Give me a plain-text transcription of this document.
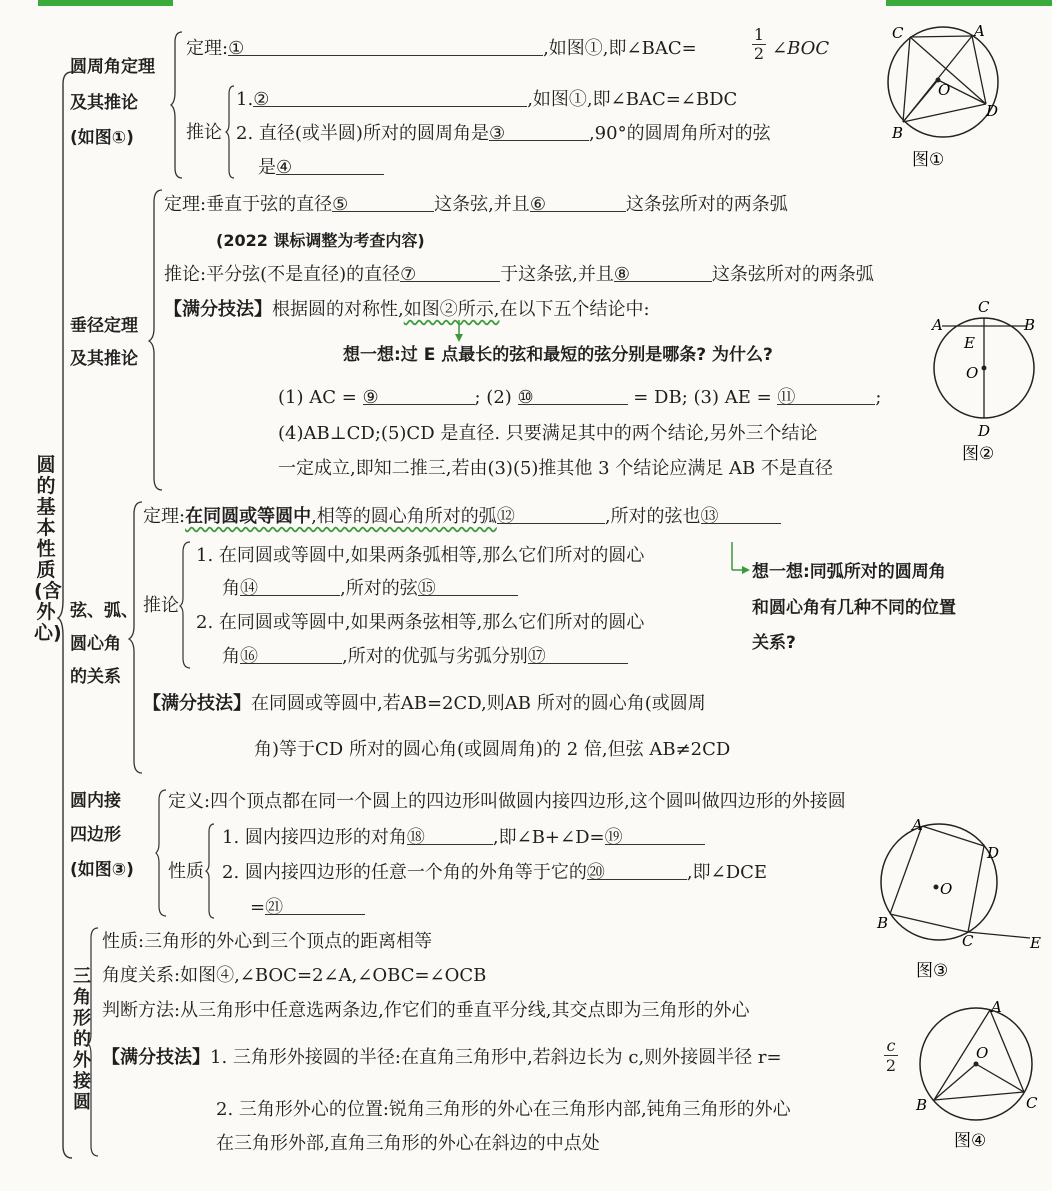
圆的基本性质(含外心)
圆周角定理
及其推论
(如图①)
定理:①	,如图①,即∠BAC=
1
2 ∠BOC
推论
1.②	,如图①,即∠BAC=∠BDC
2. 直径(或半圆)所对的圆周角是③	,90°的圆周角所对的弦
是④
C	A
O
D
B
图①
垂径定理
及其推论
定理:垂直于弦的直径⑤	这条弦,并且⑥	这条弦所对的两条弧
(2022 课标调整为考查内容)
推论:平分弦(不是直径)的直径⑦	于这条弦,并且⑧	这条弦所对的两条弧
【满分技法】根据圆的对称性,如图②所示,在以下五个结论中:
想一想:过 E 点最长的弦和最短的弦分别是哪条? 为什么?
(1) AC = ⑨	; (2) ⑩	= DB; (3) AE = ⑪	;
(4)AB⊥CD;(5)CD 是直径. 只要满足其中的两个结论,另外三个结论
一定成立,即知二推三,若由(3)(5)推其他 3 个结论应满足 AB 不是直径
C
A	B
E
O
D
图②
弦、弧、
圆心角
的关系
定理:在同圆或等圆中,相等的圆心角所对的弧⑫	,所对的弦也⑬
推论
1. 在同圆或等圆中,如果两条弧相等,那么它们所对的圆心
角⑭	,所对的弦⑮
2. 在同圆或等圆中,如果两条弦相等,那么它们所对的圆心
角⑯	,所对的优弧与劣弧分别⑰
想一想:同弧所对的圆周角
和圆心角有几种不同的位置
关系?
【满分技法】在同圆或等圆中,若AB=2CD,则AB 所对的圆心角(或圆周
角)等于CD 所对的圆心角(或圆周角)的 2 倍,但弦 AB≠2CD
圆内接
四边形
(如图③)
定义:四个顶点都在同一个圆上的四边形叫做圆内接四边形,这个圆叫做四边形的外接圆
性质
1. 圆内接四边形的对角⑱	,即∠B+∠D=⑲
2. 圆内接四边形的任意一个角的外角等于它的⑳	,即∠DCE
=㉑
A
D
O
B
C	E
图③
三角形的外接圆
性质:三角形的外心到三个顶点的距离相等
角度关系:如图④,∠BOC=2∠A,∠OBC=∠OCB
判断方法:从三角形中任意选两条边,作它们的垂直平分线,其交点即为三角形的外心
【满分技法】1. 三角形外接圆的半径:在直角三角形中,若斜边长为 c,则外接圆半径 r=
c
2
2. 三角形外心的位置:锐角三角形的外心在三角形内部,钝角三角形的外心
在三角形外部,直角三角形的外心在斜边的中点处
A
O
B	C
图④
